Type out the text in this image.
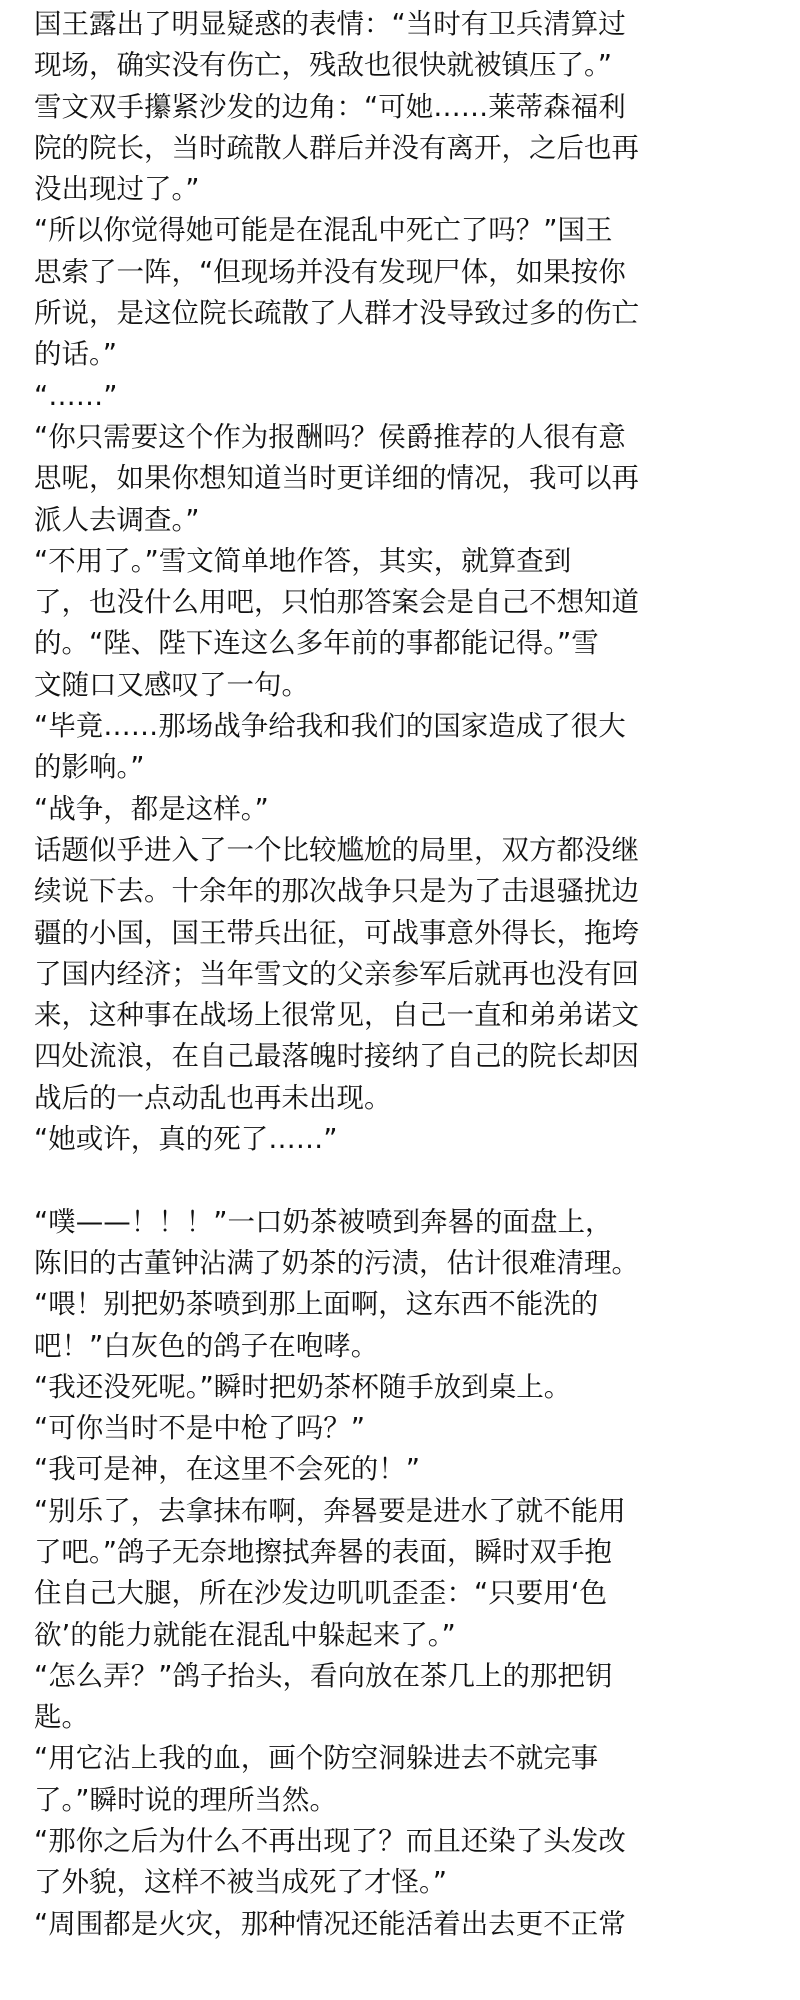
国王露出了明显疑惑的表情：“当时有卫兵清算过
现场，确实没有伤亡，残敌也很快就被镇压了。”
雪文双手攥紧沙发的边角：“可她……莱蒂森福利
院的院长，当时疏散人群后并没有离开，之后也再
没出现过了。”
“所以你觉得她可能是在混乱中死亡了吗？”国王
思索了一阵，“但现场并没有发现尸体，如果按你
所说，是这位院长疏散了人群才没导致过多的伤亡
的话。”
“……”
“你只需要这个作为报酬吗？侯爵推荐的人很有意
思呢，如果你想知道当时更详细的情况，我可以再
派人去调查。”
“不用了。”雪文简单地作答，其实，就算查到
了，也没什么用吧，只怕那答案会是自己不想知道
的。“陛、陛下连这么多年前的事都能记得。”雪
文随口又感叹了一句。
“毕竟……那场战争给我和我们的国家造成了很大
的影响。”
“战争，都是这样。”
话题似乎进入了一个比较尴尬的局里，双方都没继
续说下去。十余年的那次战争只是为了击退骚扰边
疆的小国，国王带兵出征，可战事意外得长，拖垮
了国内经济；当年雪文的父亲参军后就再也没有回
来，这种事在战场上很常见，自己一直和弟弟诺文
四处流浪，在自己最落魄时接纳了自己的院长却因
战后的一点动乱也再未出现。
“她或许，真的死了……”
“噗——！！！”一口奶茶被喷到奔晷的面盘上，
陈旧的古董钟沾满了奶茶的污渍，估计很难清理。
“喂！别把奶茶喷到那上面啊，这东西不能洗的
吧！”白灰色的鸽子在咆哮。
“我还没死呢。”瞬时把奶茶杯随手放到桌上。
“可你当时不是中枪了吗？”
“我可是神，在这里不会死的！”
“别乐了，去拿抹布啊，奔晷要是进水了就不能用
了吧。”鸽子无奈地擦拭奔晷的表面，瞬时双手抱
住自己大腿，所在沙发边叽叽歪歪：“只要用‘色
欲’的能力就能在混乱中躲起来了。”
“怎么弄？”鸽子抬头，看向放在茶几上的那把钥
匙。
“用它沾上我的血，画个防空洞躲进去不就完事
了。”瞬时说的理所当然。
“那你之后为什么不再出现了？而且还染了头发改
了外貌，这样不被当成死了才怪。”
“周围都是火灾，那种情况还能活着出去更不正常
